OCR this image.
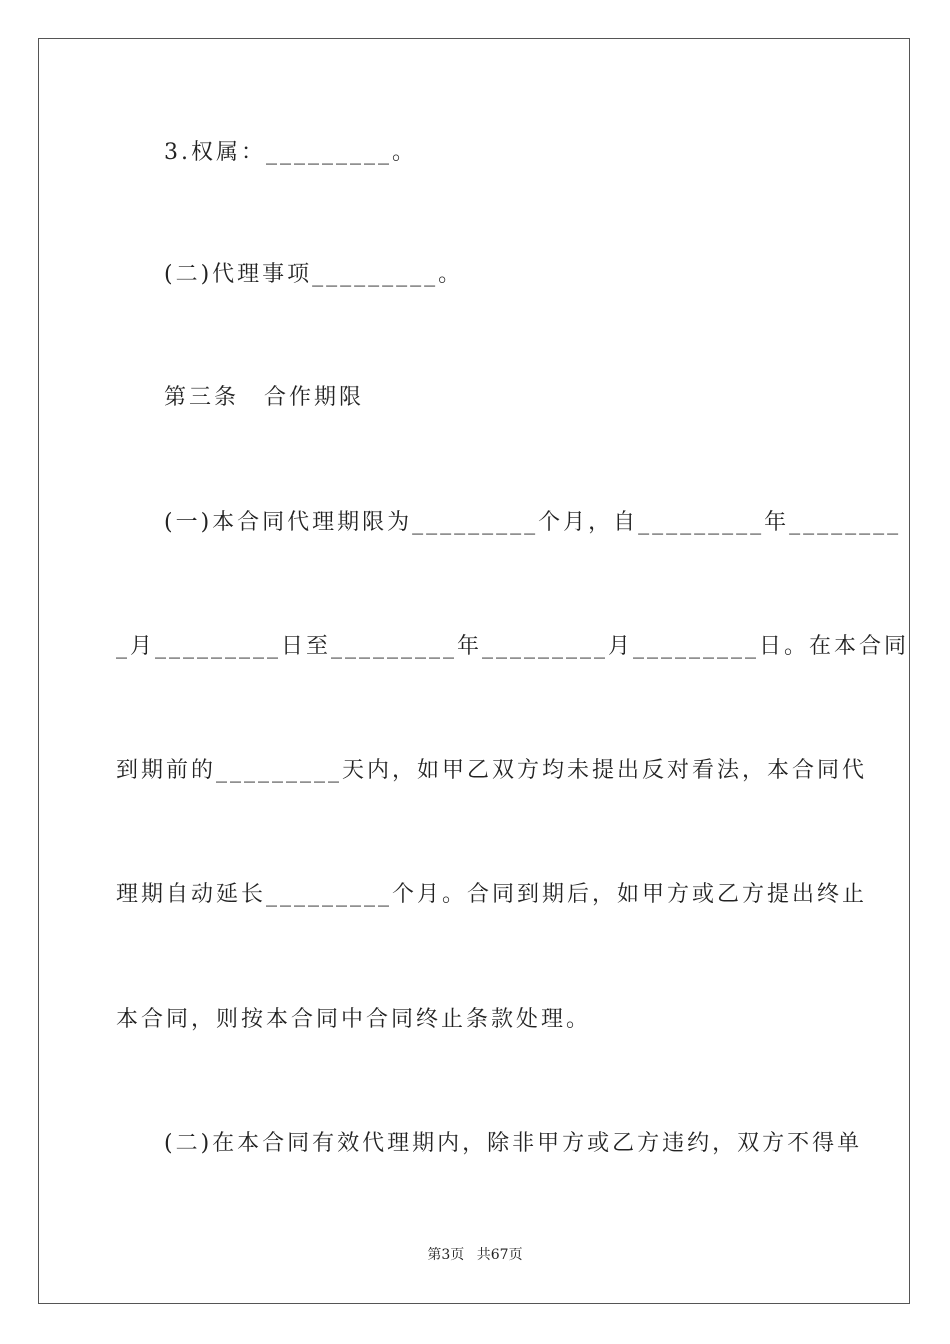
3.权属：_________。
(二)代理事项_________。
第三条　合作期限
(一)本合同代理期限为_________个月，自_________年________
_月_________日至_________年_________月_________日。在本合同
到期前的_________天内，如甲乙双方均未提出反对看法，本合同代
理期自动延长_________个月。合同到期后，如甲方或乙方提出终止
本合同，则按本合同中合同终止条款处理。
(二)在本合同有效代理期内，除非甲方或乙方违约，双方不得单
第3页 共67页
